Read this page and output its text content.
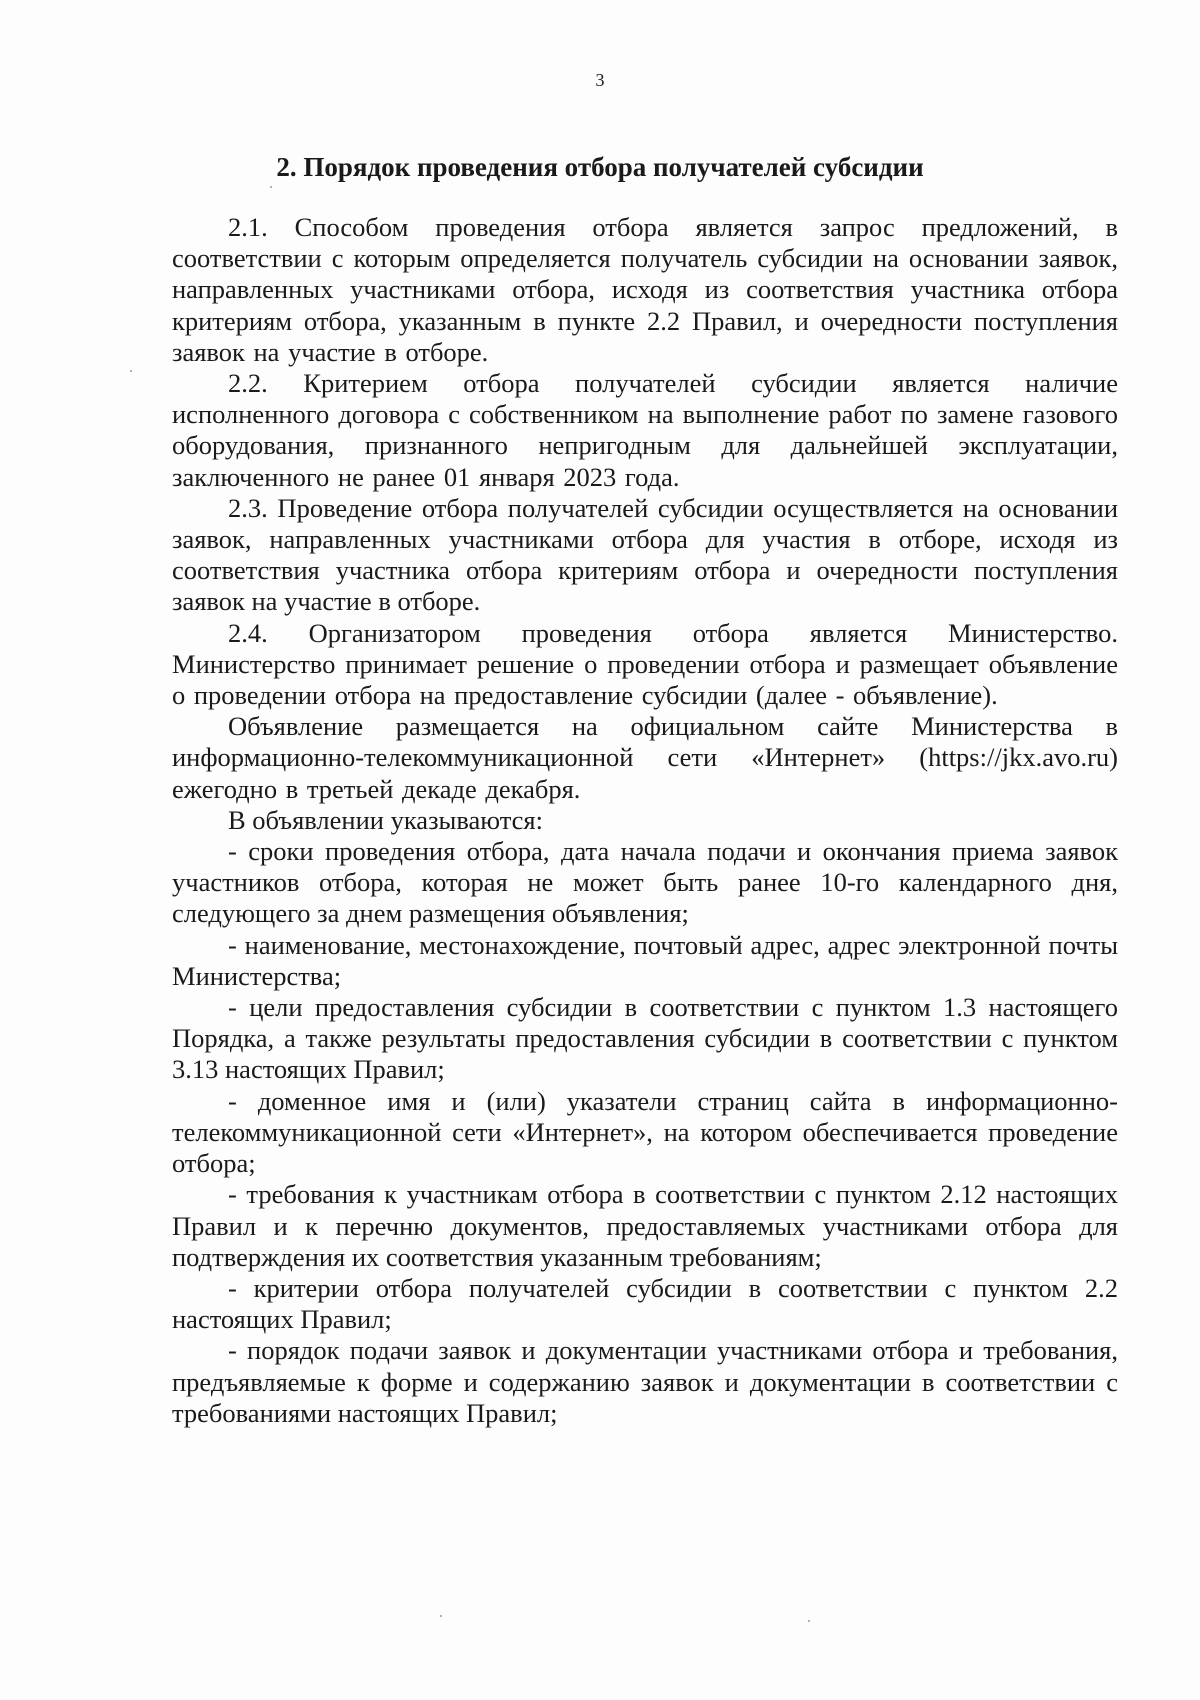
3
2. Порядок проведения отбора получателей субсидии

2.1. Способом проведения отбора является запрос предложений, в соответствии с которым определяется получатель субсидии на основании заявок, направленных участниками отбора, исходя из соответствия участника отбора критериям отбора, указанным в пункте 2.2 Правил, и очередности поступления заявок на участие в отборе.

2.2. Критерием отбора получателей субсидии является наличие исполненного договора с собственником на выполнение работ по замене газового оборудования, признанного непригодным для дальнейшей эксплуатации, заключенного не ранее 01 января 2023 года.

2.3. Проведение отбора получателей субсидии осуществляется на основании заявок, направленных участниками отбора для участия в отборе, исходя из соответствия участника отбора критериям отбора и очередности поступления заявок на участие в отборе.

2.4. Организатором проведения отбора является Министерство. Министерство принимает решение о проведении отбора и размещает объявление о проведении отбора на предоставление субсидии (далее - объявление).

Объявление размещается на официальном сайте Министерства в информационно-телекоммуникационной сети «Интернет» (https://jkx.avo.ru) ежегодно в третьей декаде декабря.

В объявлении указываются:

- сроки проведения отбора, дата начала подачи и окончания приема заявок участников отбора, которая не может быть ранее 10-го календарного дня, следующего за днем размещения объявления;

- наименование, местонахождение, почтовый адрес, адрес электронной почты Министерства;

- цели предоставления субсидии в соответствии с пунктом 1.3 настоящего Порядка, а также результаты предоставления субсидии в соответствии с пунктом 3.13 настоящих Правил;

- доменное имя и (или) указатели страниц сайта в информационно-телекоммуникационной сети «Интернет», на котором обеспечивается проведение отбора;

- требования к участникам отбора в соответствии с пунктом 2.12 настоящих Правил и к перечню документов, предоставляемых участниками отбора для подтверждения их соответствия указанным требованиям;

- критерии отбора получателей субсидии в соответствии с пунктом 2.2 настоящих Правил;

- порядок подачи заявок и документации участниками отбора и требования, предъявляемые к форме и содержанию заявок и документации в соответствии с требованиями настоящих Правил;
